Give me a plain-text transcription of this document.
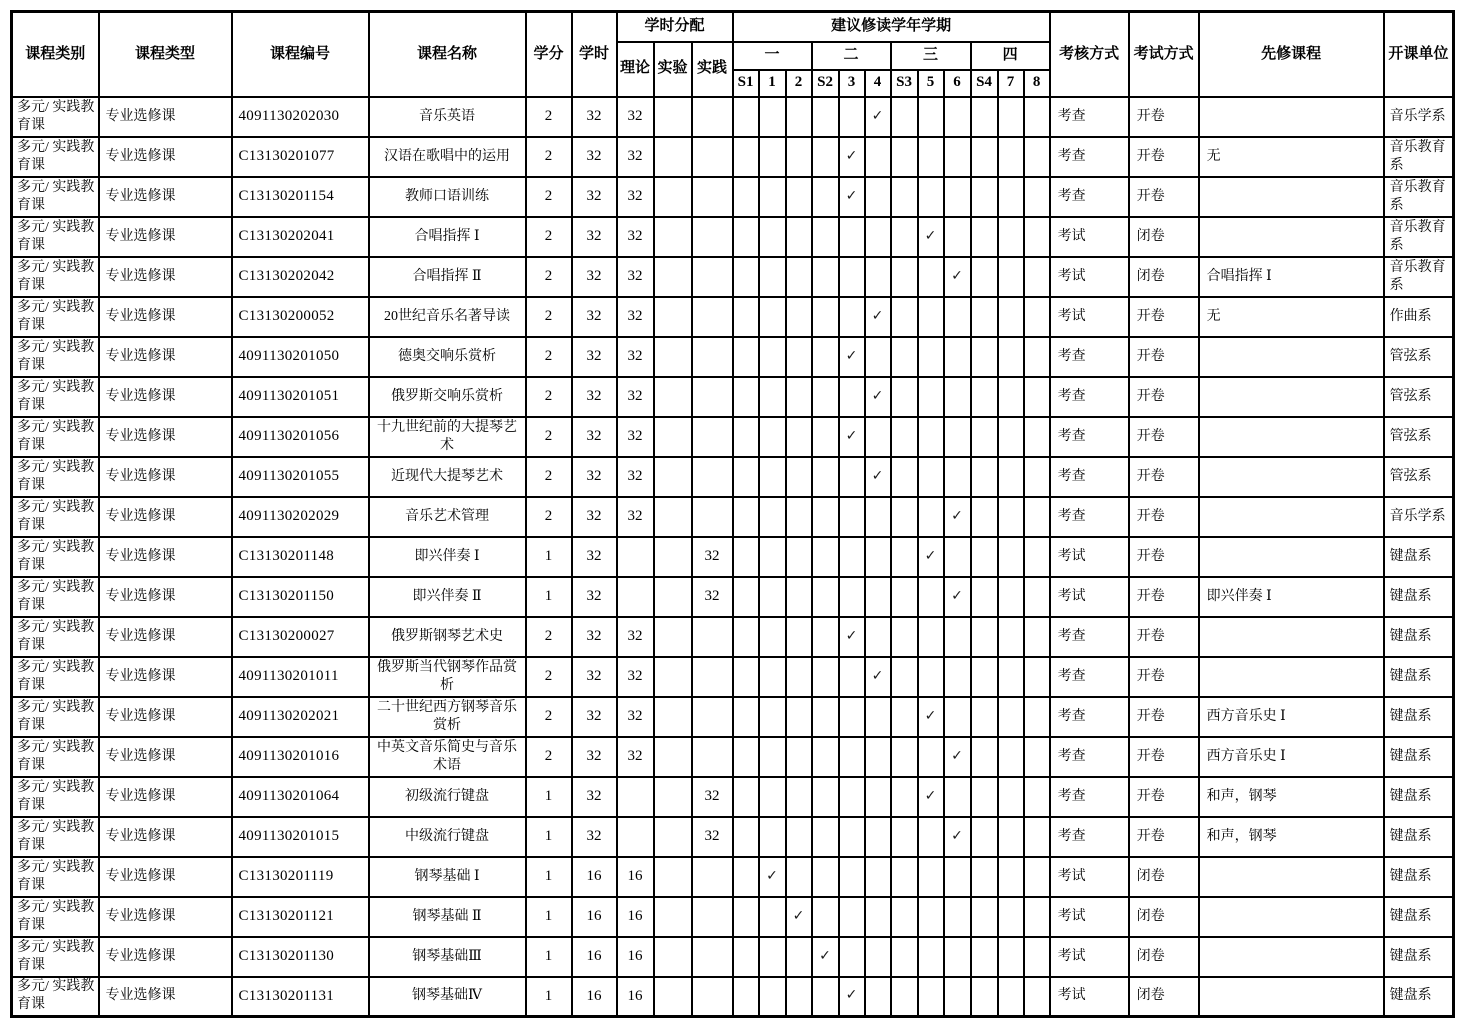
课程类别	课程类型	课程编号	课程名称	学分	学时	学时分配			建议修读学年学期												考核方式	考试方式	先修课程	开课单位
						理论	实验	实践	一			二			三			四						
									S1	1	2	S2	3	4	S3	5	6	S4	7	8				
多元/ 实践教育课	专业选修课	4091130202030	音乐英语	2	32	32								✓							考查	开卷		音乐学系
多元/ 实践教育课	专业选修课	C13130201077	汉语在歌唱中的运用	2	32	32							✓								考查	开卷	无	音乐教育系
多元/ 实践教育课	专业选修课	C13130201154	教师口语训练	2	32	32							✓								考查	开卷		音乐教育系
多元/ 实践教育课	专业选修课	C13130202041	合唱指挥 Ⅰ	2	32	32										✓					考试	闭卷		音乐教育系
多元/ 实践教育课	专业选修课	C13130202042	合唱指挥 Ⅱ	2	32	32											✓				考试	闭卷	合唱指挥 Ⅰ	音乐教育系
多元/ 实践教育课	专业选修课	C13130200052	20世纪音乐名著导读	2	32	32								✓							考试	开卷	无	作曲系
多元/ 实践教育课	专业选修课	4091130201050	德奥交响乐赏析	2	32	32							✓								考查	开卷		管弦系
多元/ 实践教育课	专业选修课	4091130201051	俄罗斯交响乐赏析	2	32	32								✓							考查	开卷		管弦系
多元/ 实践教育课	专业选修课	4091130201056	十九世纪前的大提琴艺术	2	32	32							✓								考查	开卷		管弦系
多元/ 实践教育课	专业选修课	4091130201055	近现代大提琴艺术	2	32	32								✓							考查	开卷		管弦系
多元/ 实践教育课	专业选修课	4091130202029	音乐艺术管理	2	32	32											✓				考查	开卷		音乐学系
多元/ 实践教育课	专业选修课	C13130201148	即兴伴奏 Ⅰ	1	32			32								✓					考试	开卷		键盘系
多元/ 实践教育课	专业选修课	C13130201150	即兴伴奏 Ⅱ	1	32			32									✓				考试	开卷	即兴伴奏 Ⅰ	键盘系
多元/ 实践教育课	专业选修课	C13130200027	俄罗斯钢琴艺术史	2	32	32							✓								考查	开卷		键盘系
多元/ 实践教育课	专业选修课	4091130201011	俄罗斯当代钢琴作品赏析	2	32	32								✓							考查	开卷		键盘系
多元/ 实践教育课	专业选修课	4091130202021	二十世纪西方钢琴音乐赏析	2	32	32										✓					考查	开卷	西方音乐史 Ⅰ	键盘系
多元/ 实践教育课	专业选修课	4091130201016	中英文音乐简史与音乐术语	2	32	32											✓				考查	开卷	西方音乐史 Ⅰ	键盘系
多元/ 实践教育课	专业选修课	4091130201064	初级流行键盘	1	32			32								✓					考查	开卷	和声，钢琴	键盘系
多元/ 实践教育课	专业选修课	4091130201015	中级流行键盘	1	32			32									✓				考查	开卷	和声，钢琴	键盘系
多元/ 实践教育课	专业选修课	C13130201119	钢琴基础 Ⅰ	1	16	16				✓											考试	闭卷		键盘系
多元/ 实践教育课	专业选修课	C13130201121	钢琴基础 Ⅱ	1	16	16					✓										考试	闭卷		键盘系
多元/ 实践教育课	专业选修课	C13130201130	钢琴基础Ⅲ	1	16	16						✓									考试	闭卷		键盘系
多元/ 实践教育课	专业选修课	C13130201131	钢琴基础Ⅳ	1	16	16							✓								考试	闭卷		键盘系
